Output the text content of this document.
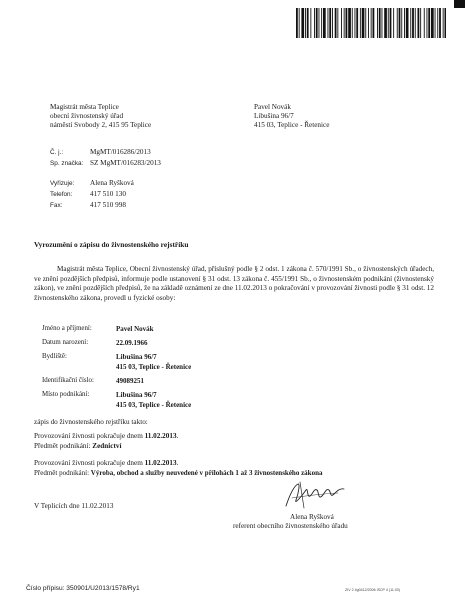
Magistrát města Teplice
obecní živnostenský úřad
náměstí Svobody 2, 415 95 Teplice
Pavel Novák
Libušina 96/7
415 03, Teplice - Řetenice
Č. j.:	MgMT/016286/2013
Sp. značka: SZ MgMT/016283/2013
Vyřizuje: Alena Ryšková
Telefon: 417 510 130
Fax:	417 510 998
Vyrozumění o zápisu do živnostenského rejstříku
Magistrát města Teplice, Obecní živnostenský úřad, příslušný podle § 2 odst. 1 zákona č. 570/1991 Sb., o živnostenských úřadech, ve znění pozdějších předpisů, informuje podle ustanovení § 31 odst. 13 zákona č. 455/1991 Sb., o živnostenském podnikání (živnostenský zákon), ve znění pozdějších předpisů, že na základě oznámení ze dne 11.02.2013 o pokračování v provozování živnosti podle § 31 odst. 12 živnostenského zákona, provedl u fyzické osoby:
Jméno a příjmení:	Pavel Novák
Datum narození:	22.09.1966
Bydliště:	Libušina 96/7
415 03, Teplice - Řetenice
Identifikační číslo:	49089251
Místo podnikání:	Libušina 96/7
415 03, Teplice - Řetenice
zápis do živnostenského rejstříku takto:
Provozování živnosti pokračuje dnem 11.02.2013.
Předmět podnikání: Zednictví
Provozování živnosti pokračuje dnem 11.02.2013.
Předmět podnikání: Výroba, obchod a služby neuvedené v přílohách 1 až 3 živnostenského zákona
V Teplicích dne 11.02.2013
Alena Ryšková
referent obecního živnostenského úřadu
Číslo přípisu: 350901/U2013/1578/Ry1	ZIV 2 4g0412/2006 ISCP 4 (11.03)
